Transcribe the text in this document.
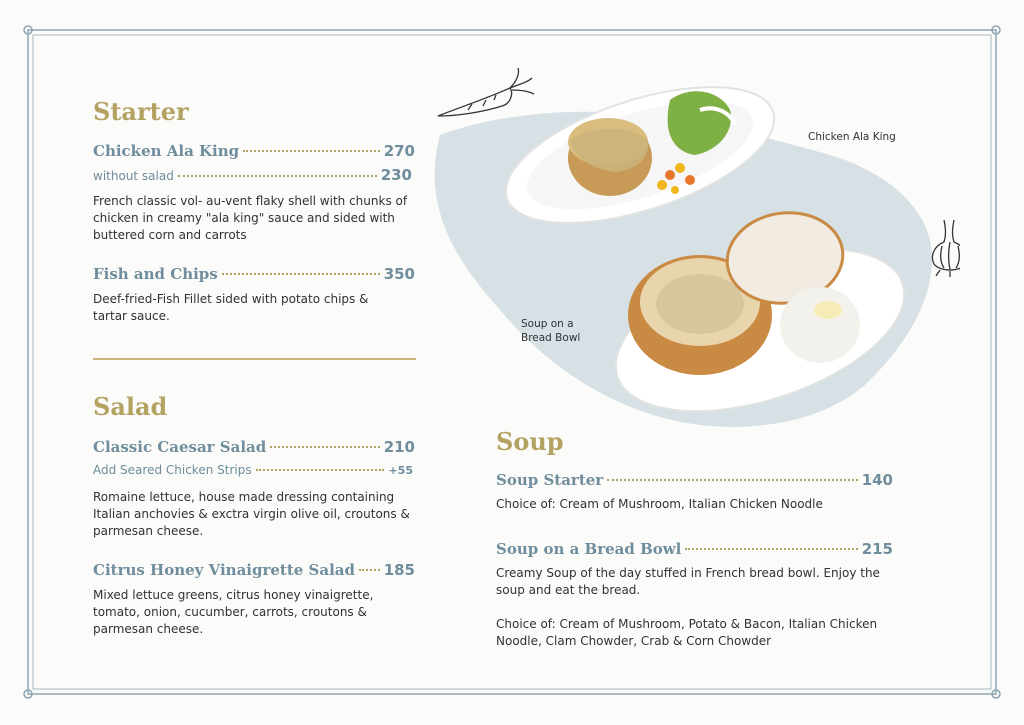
Starter
Chicken Ala King	270
without salad	230

French classic vol- au-vent flaky shell with chunks of chicken in creamy "ala king" sauce and sided with buttered corn and carrots

Fish and Chips	350

Deef-fried-Fish Fillet sided with potato chips & tartar sauce.

Salad
Classic Caesar Salad	210
Add Seared Chicken Strips	+55

Romaine lettuce, house made dressing containing Italian anchovies & exctra virgin olive oil, croutons & parmesan cheese.

Citrus Honey Vinaigrette Salad 185

Mixed lettuce greens, citrus honey vinaigrette, tomato, onion, cucumber, carrots, croutons & parmesan cheese.

Soup
Soup Starter	140

Choice of: Cream of Mushroom, Italian Chicken Noodle

Soup on a Bread Bowl	215

Creamy Soup of the day stuffed in French bread bowl. Enjoy the soup and eat the bread.

Choice of: Cream of Mushroom, Potato & Bacon, Italian Chicken Noodle, Clam Chowder, Crab & Corn Chowder

Chicken Ala King
Soup on a
Bread Bowl
